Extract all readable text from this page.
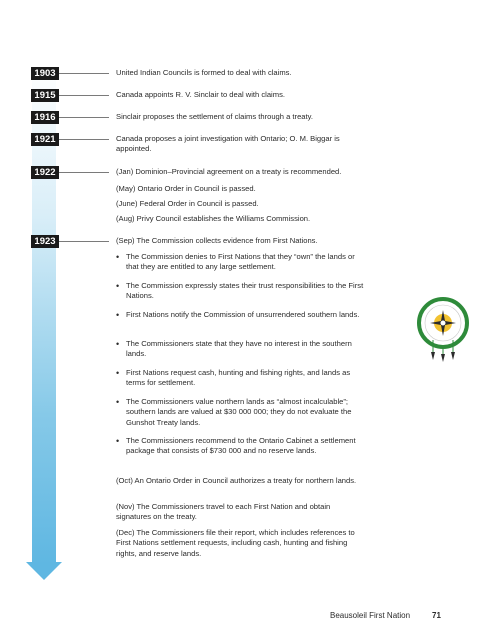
1903	United Indian Councils is formed to deal with claims.
1915	Canada appoints R. V. Sinclair to deal with claims.
1916	Sinclair proposes the settlement of claims through a treaty.
1921	Canada proposes a joint investigation with Ontario; O. M. Biggar is appointed.
1922	(Jan) Dominion–Provincial agreement on a treaty is recommended.
(May) Ontario Order in Council is passed.
(June) Federal Order in Council is passed.
(Aug) Privy Council establishes the Williams Commission.
1923	(Sep) The Commission collects evidence from First Nations.
• The Commission denies to First Nations that they “own” the lands or that they are entitled to any large settlement.
• The Commission expressly states their trust responsibilities to the First Nations.
• First Nations notify the Commission of unsurrendered southern lands.
• The Commissioners state that they have no interest in the southern lands.
• First Nations request cash, hunting and fishing rights, and lands as terms for settlement.
• The Commissioners value northern lands as “almost incalculable”; southern lands are valued at $30 000 000; they do not evaluate the Gunshot Treaty lands.
• The Commissioners recommend to the Ontario Cabinet a settlement package that consists of $730 000 and no reserve lands.
(Oct) An Ontario Order in Council authorizes a treaty for northern lands.
(Nov) The Commissioners travel to each First Nation and obtain signatures on the treaty.
(Dec) The Commissioners file their report, which includes references to First Nations settlement requests, including cash, hunting and fishing rights, and reserve lands.
Beausoleil First Nation	71
